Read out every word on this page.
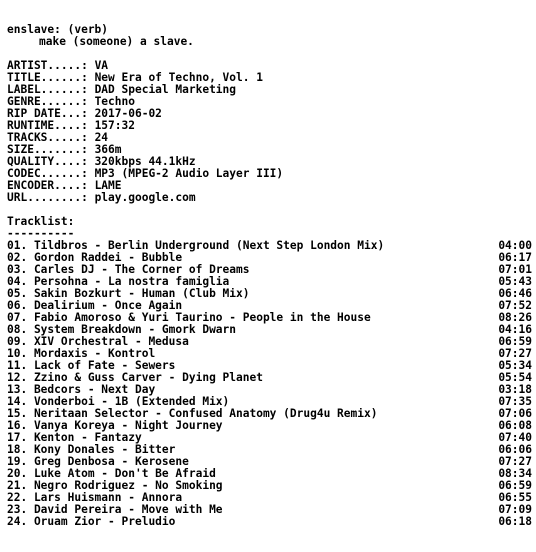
enslave: (verb)
make (someone) a slave.
ARTIST.....: VA
TITLE......: New Era of Techno, Vol. 1
LABEL......: DAD Special Marketing
GENRE......: Techno
RIP DATE...: 2017-06-02
RUNTIME....: 157:32
TRACKS.....: 24
SIZE.......: 366m
QUALITY....: 320kbps 44.1kHz
CODEC......: MP3 (MPEG-2 Audio Layer III)
ENCODER....: LAME
URL........: play.google.com
Tracklist:
----------
01. Tildbros - Berlin Underground (Next Step London Mix)	04:00
02. Gordon Raddei - Bubble	06:17
03. Carles DJ - The Corner of Dreams	07:01
04. Persohna - La nostra famiglia	05:43
05. Sakin Bozkurt - Human (Club Mix)	06:46
06. Dealirium - Once Again	07:52
07. Fabio Amoroso & Yuri Taurino - People in the House	08:26
08. System Breakdown - Gmork Dwarn	04:16
09. XIV Orchestral - Medusa	06:59
10. Mordaxis - Kontrol	07:27
11. Lack of Fate - Sewers	05:34
12. Zzino & Guss Carver - Dying Planet	05:54
13. Bedcors - Next Day	03:18
14. Vonderboi - 1B (Extended Mix)	07:35
15. Neritaan Selector - Confused Anatomy (Drug4u Remix)	07:06
16. Vanya Koreya - Night Journey	06:08
17. Kenton - Fantazy	07:40
18. Kony Donales - Bitter	06:06
19. Greg Denbosa - Kerosene	07:27
20. Luke Atom - Don't Be Afraid	08:34
21. Negro Rodriguez - No Smoking	06:59
22. Lars Huismann - Annora	06:55
23. David Pereira - Move with Me	07:09
24. Oruam Zior - Preludio	06:18
